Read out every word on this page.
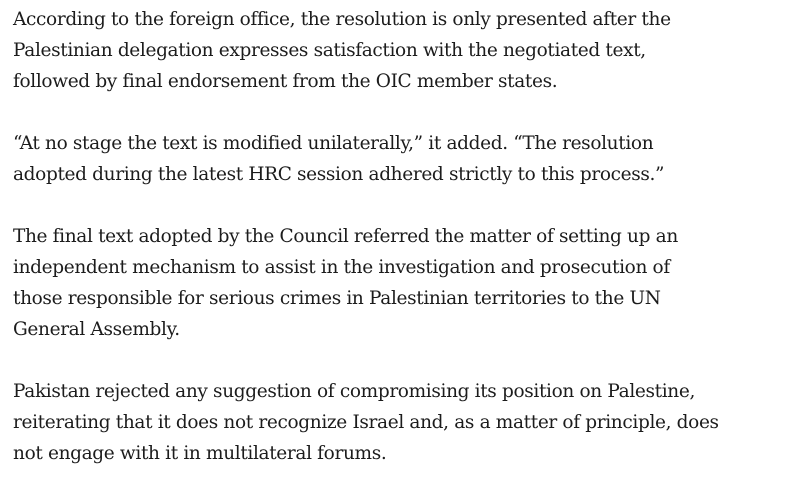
According to the foreign office, the resolution is only presented after the
Palestinian delegation expresses satisfaction with the negotiated text,
followed by final endorsement from the OIC member states.

“At no stage the text is modified unilaterally,” it added. “The resolution
adopted during the latest HRC session adhered strictly to this process.”

The final text adopted by the Council referred the matter of setting up an
independent mechanism to assist in the investigation and prosecution of
those responsible for serious crimes in Palestinian territories to the UN
General Assembly.

Pakistan rejected any suggestion of compromising its position on Palestine,
reiterating that it does not recognize Israel and, as a matter of principle, does
not engage with it in multilateral forums.
